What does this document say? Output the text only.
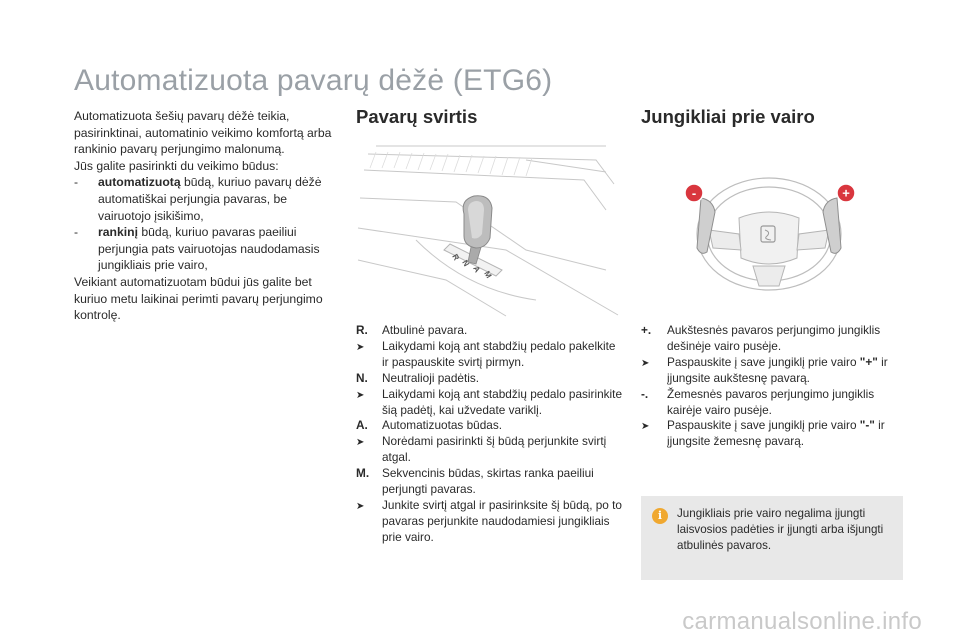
Automatizuota pavarų dėžė (ETG6)

Automatizuota šešių pavarų dėžė teikia, pasirinktinai, automatinio veikimo komfortą arba rankinio pavarų perjungimo malonumą.

Jūs galite pasirinkti du veikimo būdus:

-	automatizuotą būdą, kuriuo pavarų dėžė automatiškai perjungia pavaras, be vairuotojo įsikišimo,
-	rankinį būdą, kuriuo pavaras paeiliui perjungia pats vairuotojas naudodamasis jungikliais prie vairo,

Veikiant automatizuotam būdui jūs galite bet kuriuo metu laikinai perimti pavarų perjungimo kontrolę.

Pavarų svirtis	Jungikliai prie vairo
R
N
A
M
-	+
R.	Atbulinė pavara.
➤	Laikydami koją ant stabdžių pedalo pakelkite ir paspauskite svirtį pirmyn.
N.	Neutralioji padėtis.
➤	Laikydami koją ant stabdžių pedalo pasirinkite šią padėtį, kai užvedate variklį.
A.	Automatizuotas būdas.
➤	Norėdami pasirinkti šį būdą perjunkite svirtį atgal.
M.	Sekvencinis būdas, skirtas ranka paeiliui perjungti pavaras.
➤	Junkite svirtį atgal ir pasirinksite šį būdą, po to pavaras perjunkite naudodamiesi jungikliais prie vairo.
+.	Aukštesnės pavaros perjungimo jungiklis dešinėje vairo pusėje.
➤	Paspauskite į save jungiklį prie vairo "+" ir įjungsite aukštesnę pavarą.
-.	Žemesnės pavaros perjungimo jungiklis kairėje vairo pusėje.
➤	Paspauskite į save jungiklį prie vairo "-" ir įjungsite žemesnę pavarą.
i	Jungikliais prie vairo negalima įjungti laisvosios padėties ir įjungti arba išjungti atbulinės pavaros.
carmanualsonline.info
